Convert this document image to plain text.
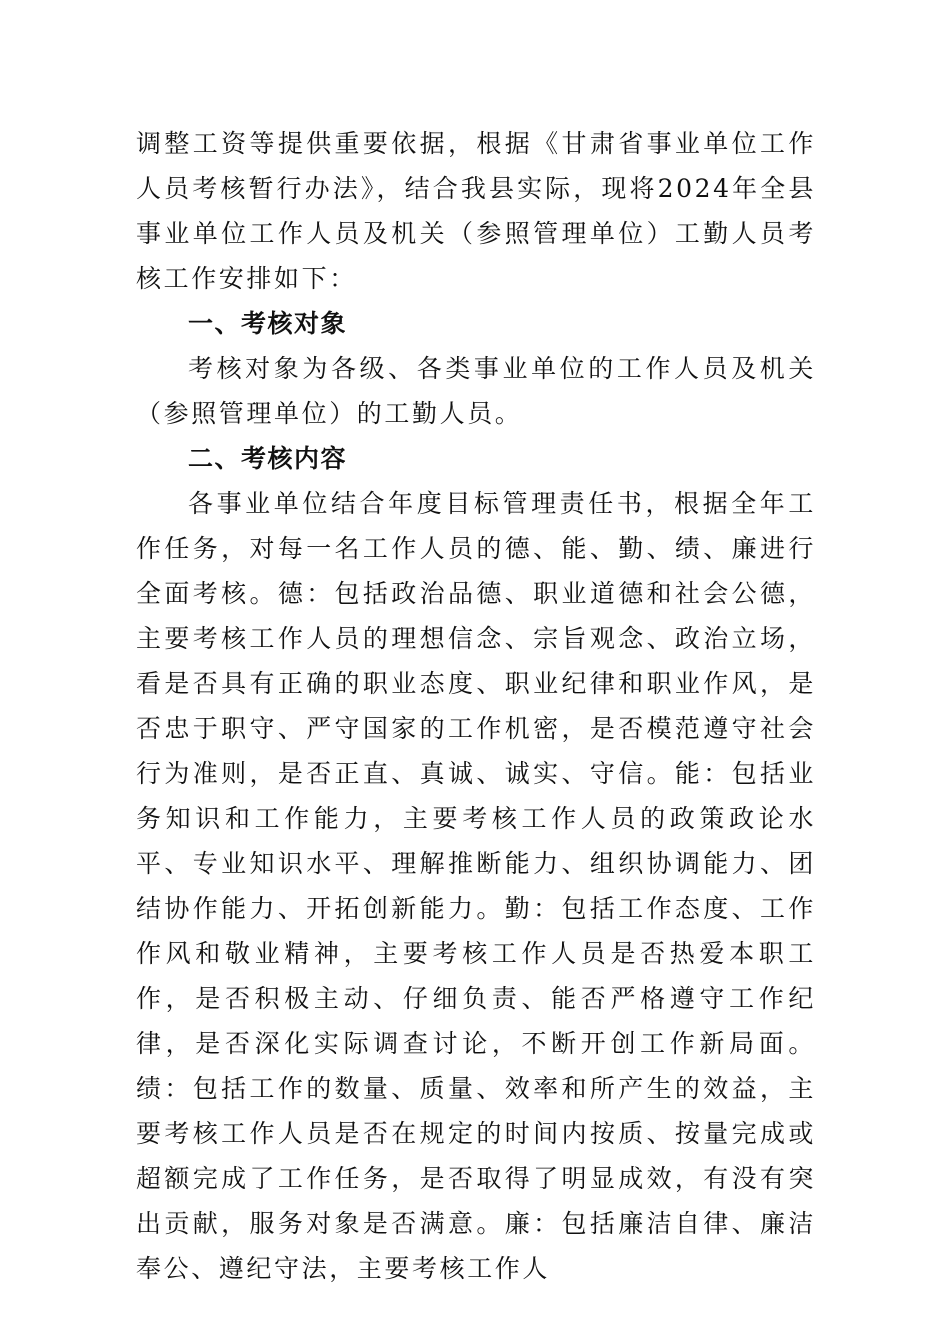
调整工资等提供重要依据，根据《甘肃省事业单位工作人员考核暂行办法》，结合我县实际，现将2024年全县事业单位工作人员及机关（参照管理单位）工勤人员考核工作安排如下：

一、考核对象

考核对象为各级、各类事业单位的工作人员及机关（参照管理单位）的工勤人员。

二、考核内容

各事业单位结合年度目标管理责任书，根据全年工作任务，对每一名工作人员的德、能、勤、绩、廉进行全面考核。德：包括政治品德、职业道德和社会公德，主要考核工作人员的理想信念、宗旨观念、政治立场，看是否具有正确的职业态度、职业纪律和职业作风，是否忠于职守、严守国家的工作机密，是否模范遵守社会行为准则，是否正直、真诚、诚实、守信。能：包括业务知识和工作能力，主要考核工作人员的政策政论水平、专业知识水平、理解推断能力、组织协调能力、团结协作能力、开拓创新能力。勤：包括工作态度、工作作风和敬业精神，主要考核工作人员是否热爱本职工作，是否积极主动、仔细负责、能否严格遵守工作纪律，是否深化实际调查讨论，不断开创工作新局面。绩：包括工作的数量、质量、效率和所产生的效益，主要考核工作人员是否在规定的时间内按质、按量完成或超额完成了工作任务，是否取得了明显成效，有没有突出贡献，服务对象是否满意。廉：包括廉洁自律、廉洁奉公、遵纪守法，主要考核工作人
